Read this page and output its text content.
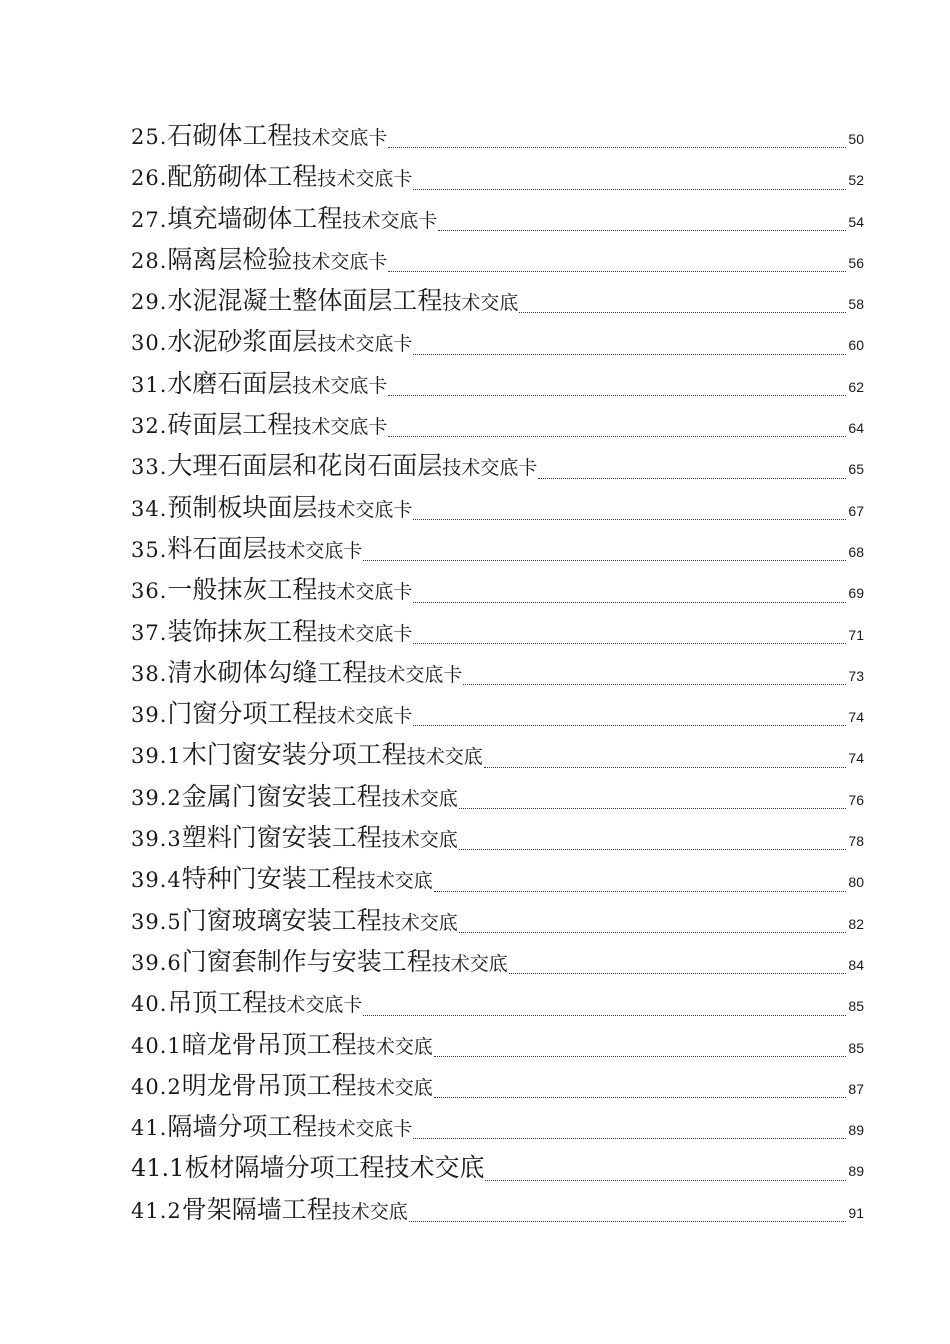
25. 石砌体工程 技术交底卡	50
26. 配筋砌体工程 技术交底卡	52
27. 填充墙砌体工程 技术交底卡	54
28. 隔离层检验 技术交底卡	56
29. 水泥混凝土整体面层工程 技术交底	58
30. 水泥砂浆面层 技术交底卡	60
31. 水磨石面层 技术交底卡	62
32. 砖面层工程 技术交底卡	64
33. 大理石面层和花岗石面层 技术交底卡	65
34. 预制板块面层 技术交底卡	67
35. 料石面层 技术交底卡	68
36. 一般抹灰工程 技术交底卡	69
37. 装饰抹灰工程 技术交底卡	71
38. 清水砌体勾缝工程 技术交底卡	73
39. 门窗分项工程 技术交底卡	74
39.1 木门窗安装分项工程 技术交底	74
39.2 金属门窗安装工程 技术交底	76
39.3 塑料门窗安装工程 技术交底	78
39.4 特种门安装工程 技术交底	80
39.5 门窗玻璃安装工程 技术交底	82
39.6 门窗套制作与安装工程 技术交底	84
40. 吊顶工程 技术交底卡	85
40.1 暗龙骨吊顶工程 技术交底	85
40.2 明龙骨吊顶工程 技术交底	87
41. 隔墙分项工程 技术交底卡	89
41.1 板材隔墙分项工程 技术交底	89
41.2 骨架隔墙工程 技术交底	91
